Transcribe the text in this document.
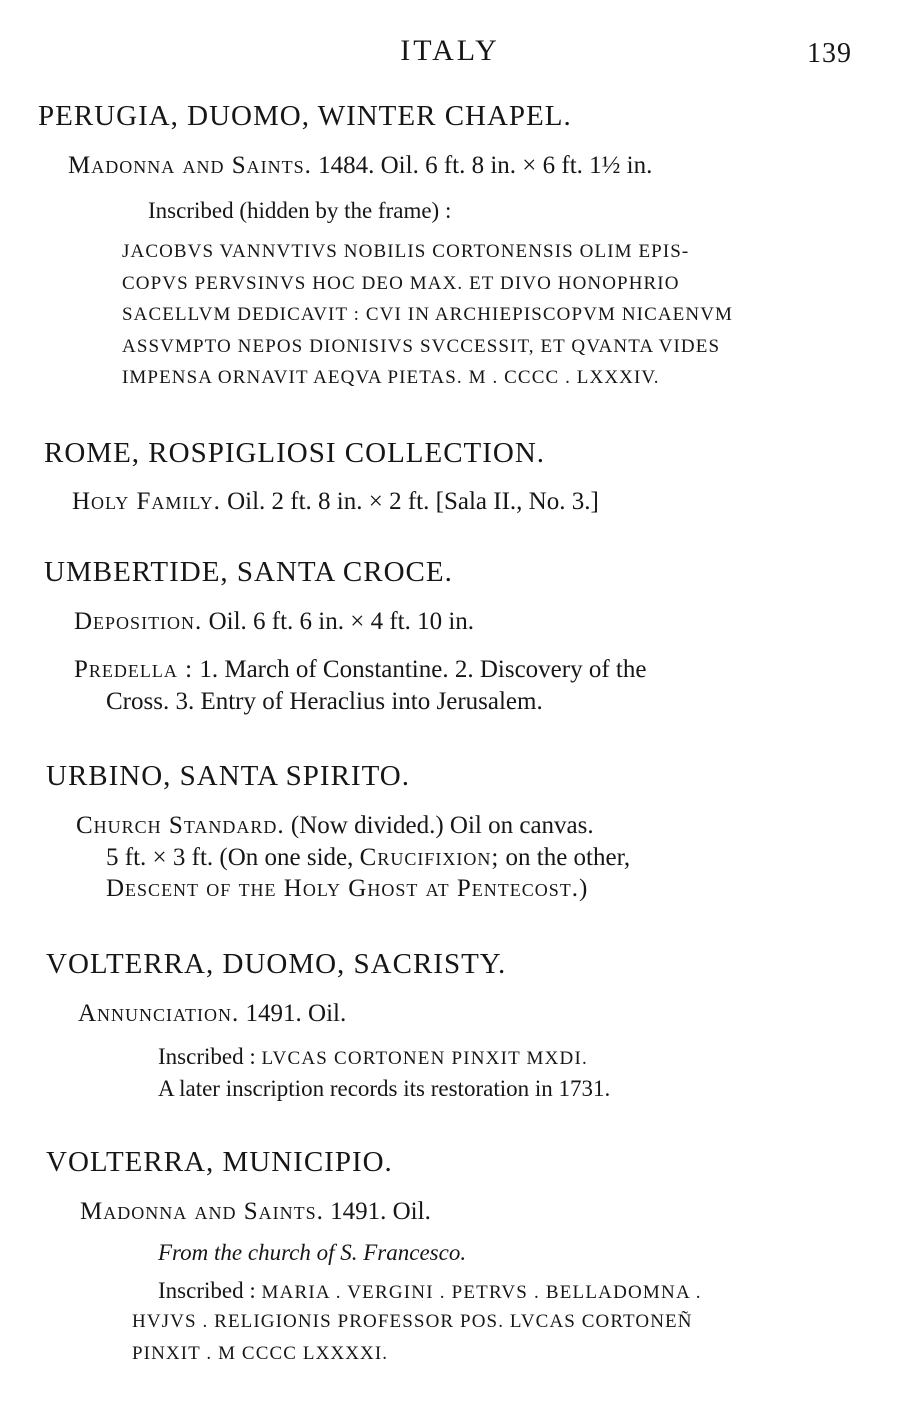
ITALY	139
PERUGIA, DUOMO, WINTER CHAPEL.
Madonna and Saints. 1484. Oil. 6 ft. 8 in. × 6 ft. 1½ in.
Inscribed (hidden by the frame) :
JACOBVS VANNVTIVS NOBILIS CORTONENSIS OLIM EPIS-
COPVS PERVSINVS HOC DEO MAX. ET DIVO HONOPHRIO
SACELLVM DEDICAVIT : CVI IN ARCHIEPISCOPVM NICAENVM
ASSVMPTO NEPOS DIONISIVS SVCCESSIT, ET QVANTA VIDES
IMPENSA ORNAVIT AEQVA PIETAS. M . CCCC . LXXXIV.
ROME, ROSPIGLIOSI COLLECTION.
Holy Family. Oil. 2 ft. 8 in. × 2 ft. [Sala II., No. 3.]
UMBERTIDE, SANTA CROCE.
Deposition. Oil. 6 ft. 6 in. × 4 ft. 10 in.
Predella : 1. March of Constantine. 2. Discovery of the
Cross. 3. Entry of Heraclius into Jerusalem.
URBINO, SANTA SPIRITO.
Church Standard. (Now divided.) Oil on canvas.
5 ft. × 3 ft. (On one side, Crucifixion; on the other,
Descent of the Holy Ghost at Pentecost.)
VOLTERRA, DUOMO, SACRISTY.
Annunciation. 1491. Oil.
Inscribed : LVCAS CORTONEN PINXIT MXDI.
A later inscription records its restoration in 1731.
VOLTERRA, MUNICIPIO.
Madonna and Saints. 1491. Oil.
From the church of S. Francesco.
Inscribed : MARIA . VERGINI . PETRVS . BELLADOMNA .
HVJVS . RELIGIONIS PROFESSOR POS. LVCAS CORTONEÑ
PINXIT . M CCCC LXXXXI.
